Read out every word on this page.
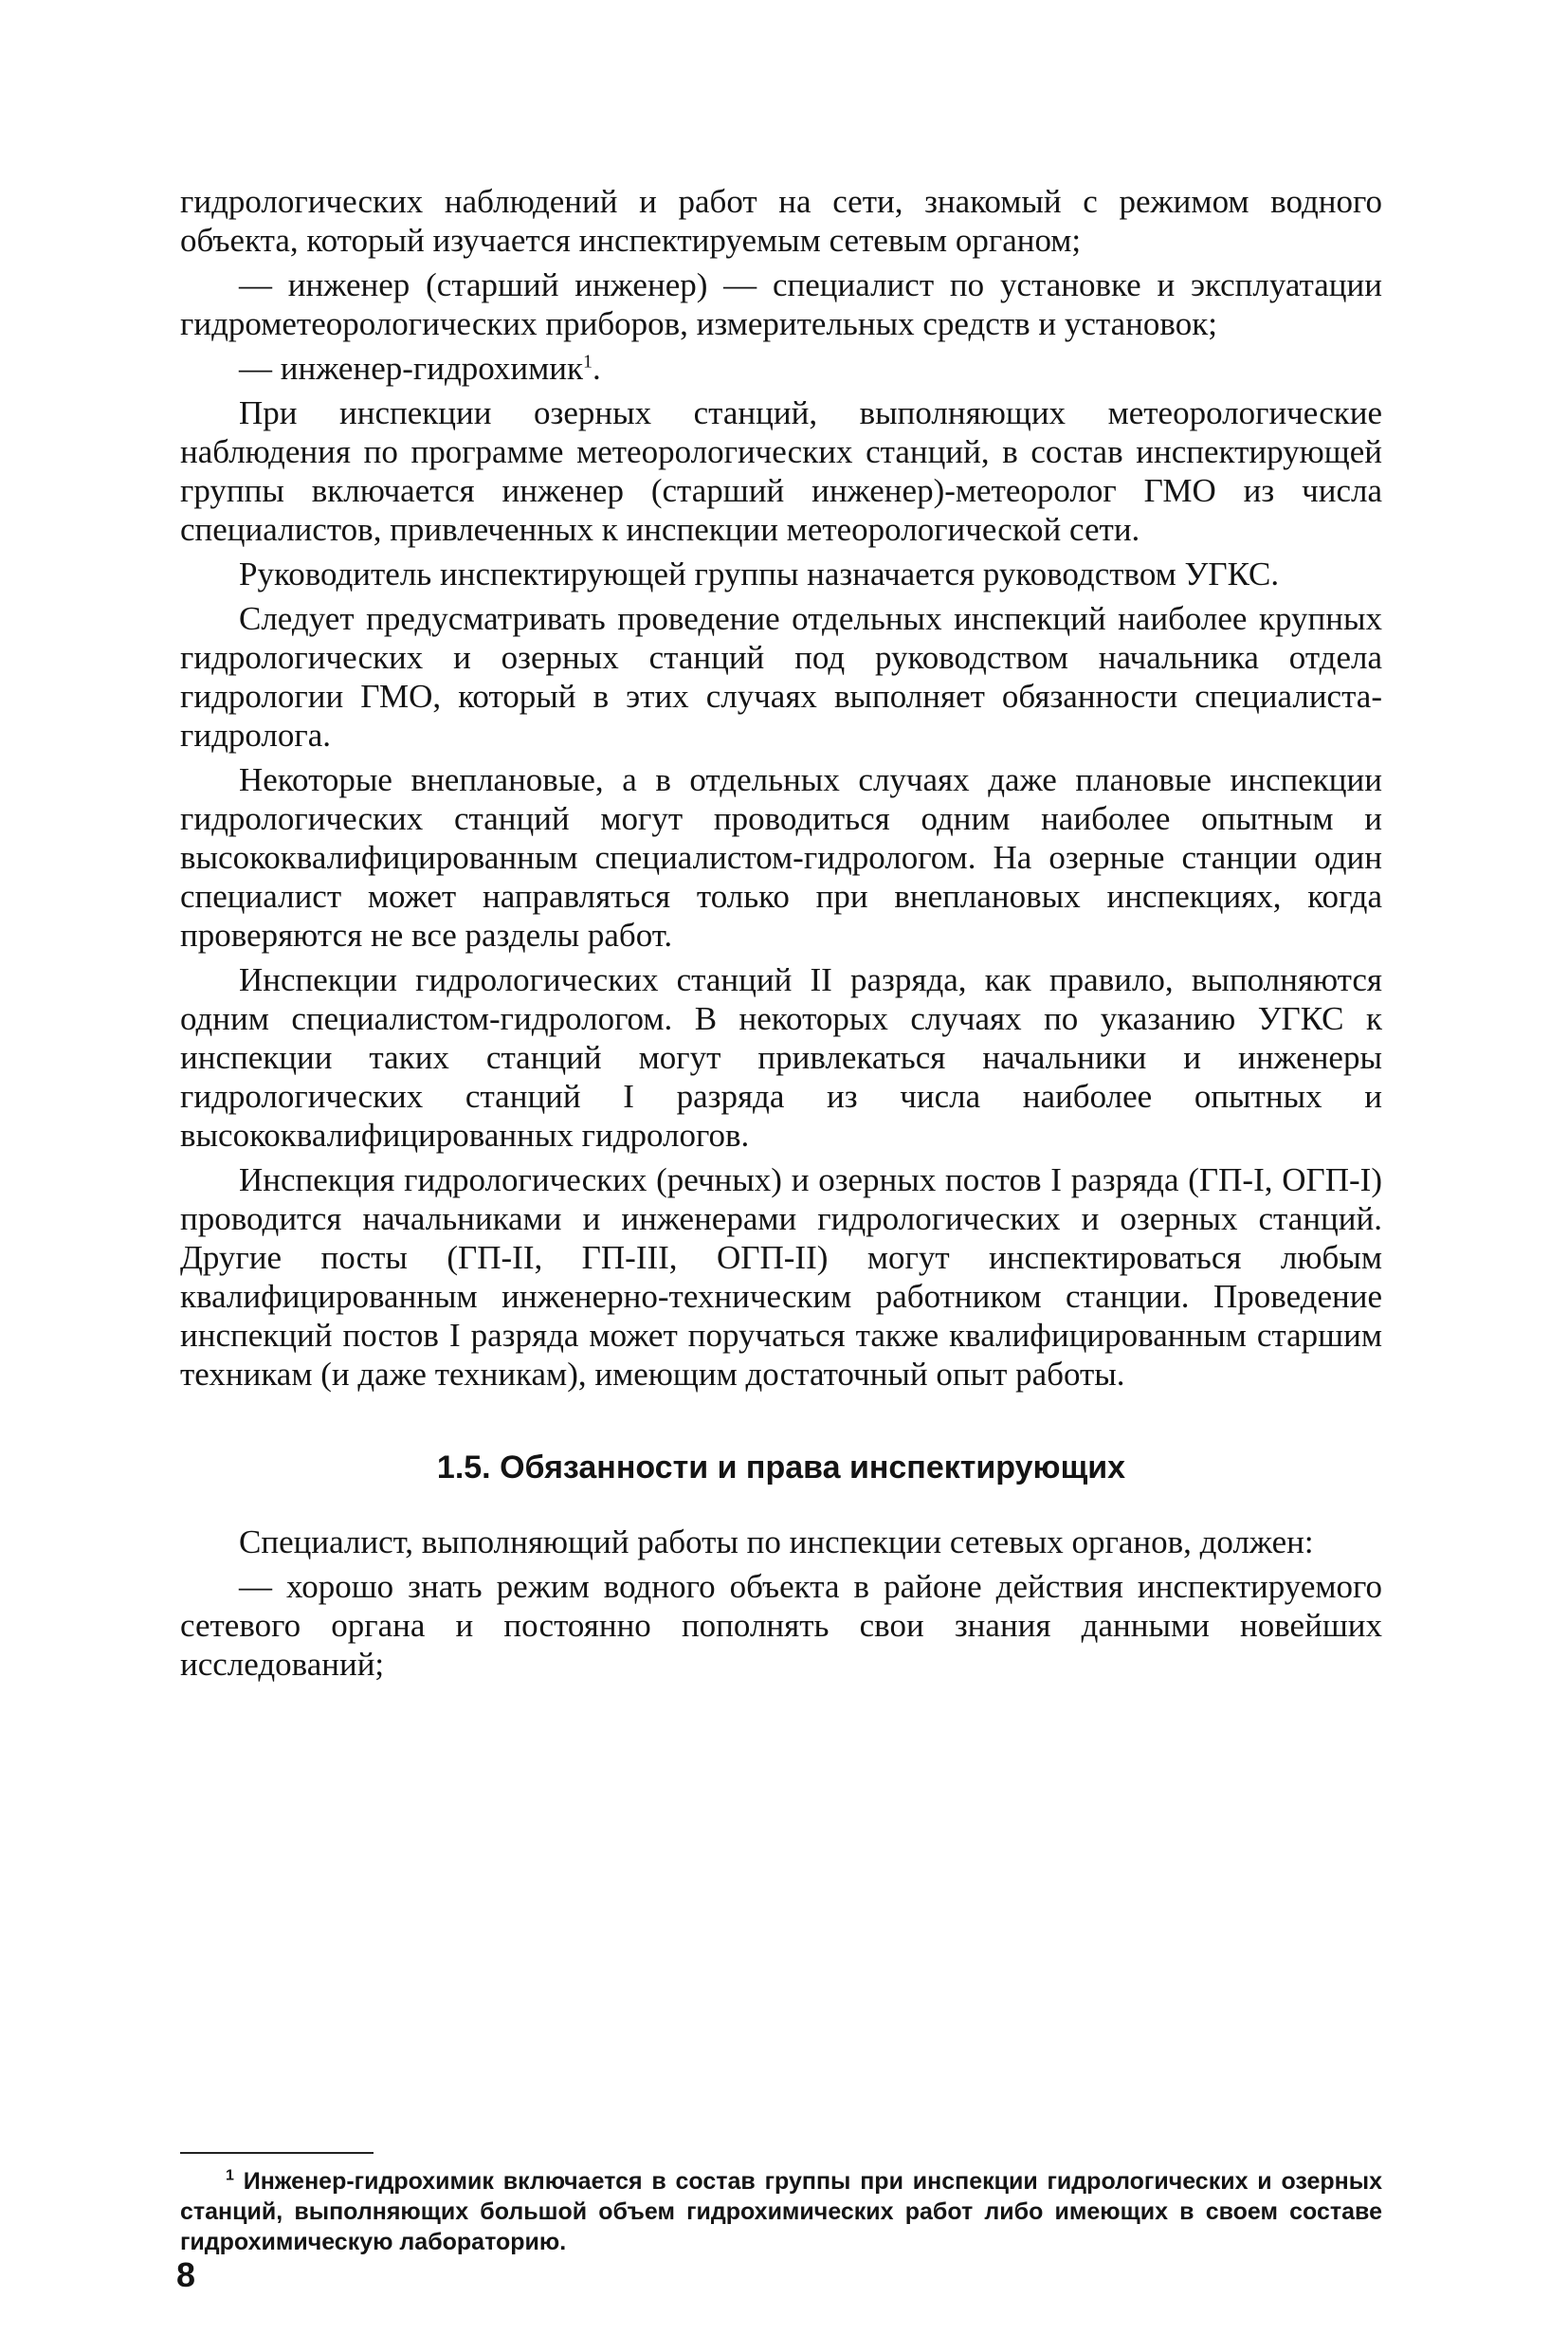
гидрологических наблюдений и работ на сети, знакомый с режимом водного объекта, который изучается инспектируемым сетевым органом;

— инженер (старший инженер) — специалист по установке и эксплуатации гидрометеорологических приборов, измерительных средств и установок;

— инженер-гидрохимик$^1$.

При инспекции озерных станций, выполняющих метеорологические наблюдения по программе метеорологических станций, в состав инспектирующей группы включается инженер (старший инженер)-метеоролог ГМО из числа специалистов, привлеченных к инспекции метеорологической сети.

Руководитель инспектирующей группы назначается руководством УГКС.

Следует предусматривать проведение отдельных инспекций наиболее крупных гидрологических и озерных станций под руководством начальника отдела гидрологии ГМО, который в этих случаях выполняет обязанности специалиста-гидролога.

Некоторые внеплановые, а в отдельных случаях даже плановые инспекции гидрологических станций могут проводиться одним наиболее опытным и высококвалифицированным специалистом-гидрологом. На озерные станции один специалист может направляться только при внеплановых инспекциях, когда проверяются не все разделы работ.

Инспекции гидрологических станций II разряда, как правило, выполняются одним специалистом-гидрологом. В некоторых случаях по указанию УГКС к инспекции таких станций могут привлекаться начальники и инженеры гидрологических станций I разряда из числа наиболее опытных и высококвалифицированных гидрологов.

Инспекция гидрологических (речных) и озерных постов I разряда (ГП-I, ОГП-I) проводится начальниками и инженерами гидрологических и озерных станций. Другие посты (ГП-II, ГП-III, ОГП-II) могут инспектироваться любым квалифицированным инженерно-техническим работником станции. Проведение инспекций постов I разряда может поручаться также квалифицированным старшим техникам (и даже техникам), имеющим достаточный опыт работы.

1.5. Обязанности и права инспектирующих

Специалист, выполняющий работы по инспекции сетевых органов, должен:

— хорошо знать режим водного объекта в районе действия инспектируемого сетевого органа и постоянно пополнять свои знания данными новейших исследований;

$^1$ Инженер-гидрохимик включается в состав группы при инспекции гидрологических и озерных станций, выполняющих большой объем гидрохимических работ либо имеющих в своем составе гидрохимическую лабораторию.

8
